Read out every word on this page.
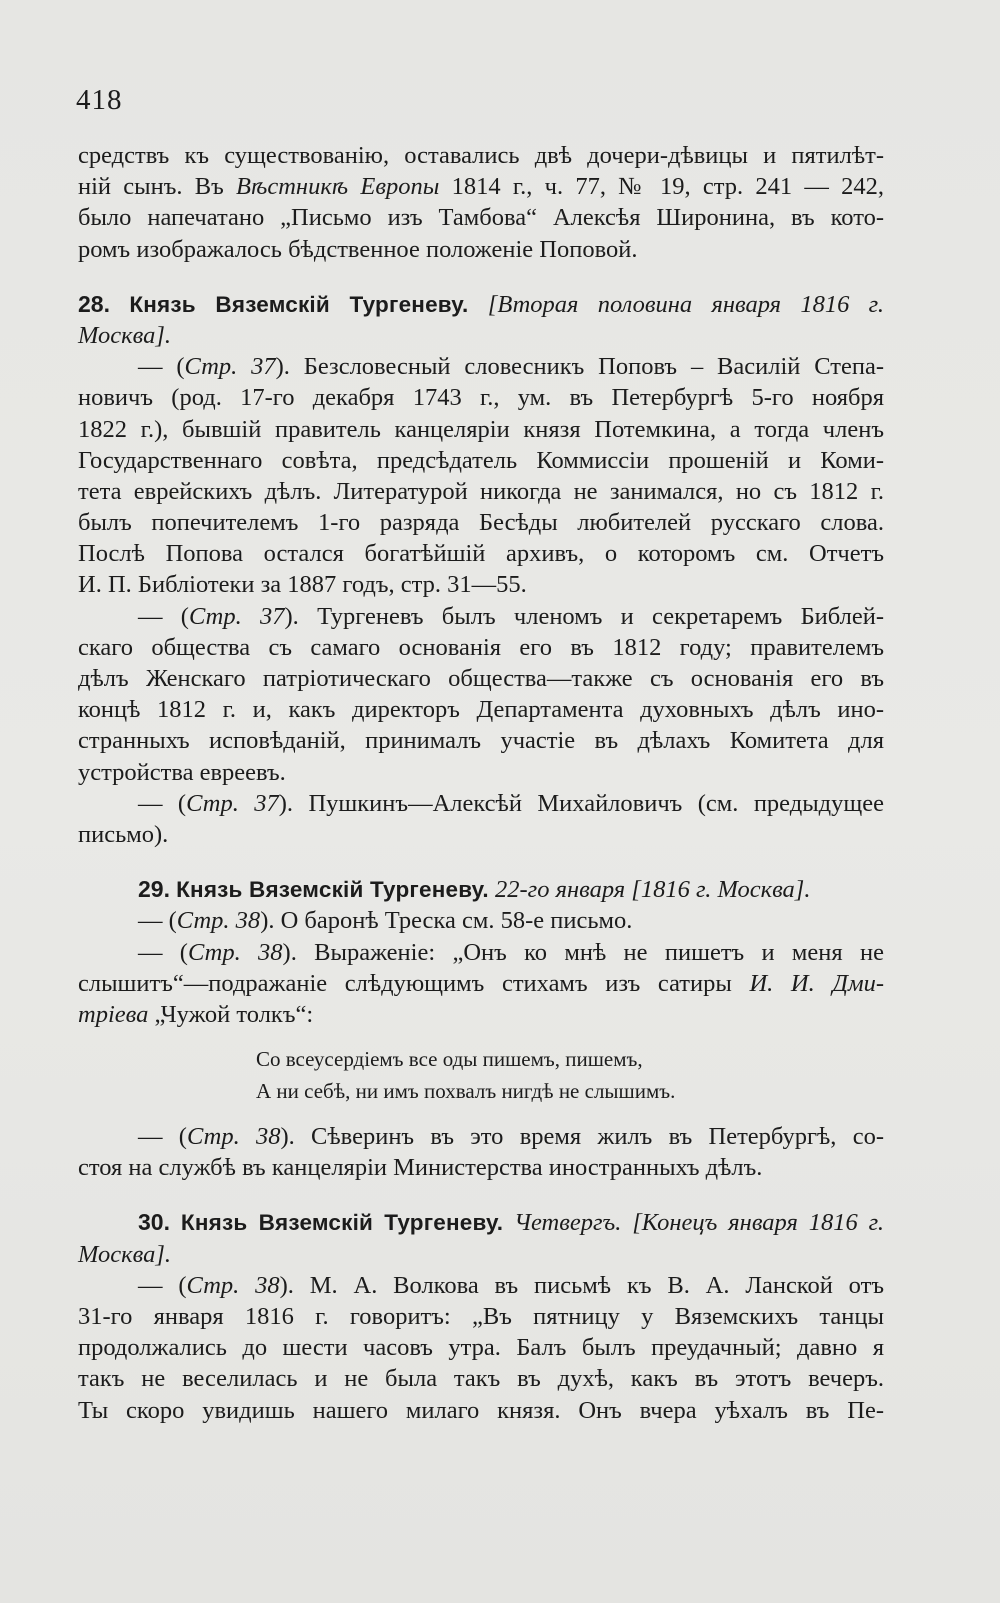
418
средствъ къ существованію, оставались двѣ дочери-дѣвицы и пятилѣт-
ній сынъ. Въ Вѣстникѣ Европы 1814 г., ч. 77, № 19, стр. 241 — 242,
было напечатано „Письмо изъ Тамбова“ Алексѣя Широнина, въ кото-
ромъ изображалось бѣдственное положеніе Поповой.
28. Князь Вяземскій Тургеневу. [Вторая половина января 1816 г.
Москва].
— (Стр. 37). Безсловесный словесникъ Поповъ – Василій Степа-
новичъ (род. 17-го декабря 1743 г., ум. въ Петербургѣ 5-го ноября
1822 г.), бывшій правитель канцеляріи князя Потемкина, а тогда членъ
Государственнаго совѣта, предсѣдатель Коммиссіи прошеній и Коми-
тета еврейскихъ дѣлъ. Литературой никогда не занимался, но съ 1812 г.
былъ попечителемъ 1-го разряда Бесѣды любителей русскаго слова.
Послѣ Попова остался богатѣйшій архивъ, о которомъ см. Отчетъ
И. П. Библіотеки за 1887 годъ, стр. 31—55.
— (Стр. 37). Тургеневъ былъ членомъ и секретаремъ Библей-
скаго общества съ самаго основанія его въ 1812 году; правителемъ
дѣлъ Женскаго патріотическаго общества—также съ основанія его въ
концѣ 1812 г. и, какъ директоръ Департамента духовныхъ дѣлъ ино-
странныхъ исповѣданій, принималъ участіе въ дѣлахъ Комитета для
устройства евреевъ.
— (Стр. 37). Пушкинъ—Алексѣй Михайловичъ (см. предыдущее
письмо).
29. Князь Вяземскій Тургеневу. 22-го января [1816 г. Москва].
— (Стр. 38). О баронѣ Треска см. 58-е письмо.
— (Стр. 38). Выраженіе: „Онъ ко мнѣ не пишетъ и меня не
слышитъ“—подражаніе слѣдующимъ стихамъ изъ сатиры И. И. Дми-
тріева „Чужой толкъ“:
Со всеусердіемъ все оды пишемъ, пишемъ,
А ни себѣ, ни имъ похвалъ нигдѣ не слышимъ.
— (Стр. 38). Сѣверинъ въ это время жилъ въ Петербургѣ, со-
стоя на службѣ въ канцеляріи Министерства иностранныхъ дѣлъ.
30. Князь Вяземскій Тургеневу. Четвергъ. [Конецъ января 1816 г.
Москва].
— (Стр. 38). М. А. Волкова въ письмѣ къ В. А. Ланской отъ
31-го января 1816 г. говоритъ: „Въ пятницу у Вяземскихъ танцы
продолжались до шести часовъ утра. Балъ былъ преудачный; давно я
такъ не веселилась и не была такъ въ духѣ, какъ въ этотъ вечеръ.
Ты скоро увидишь нашего милаго князя. Онъ вчера уѣхалъ въ Пе-
